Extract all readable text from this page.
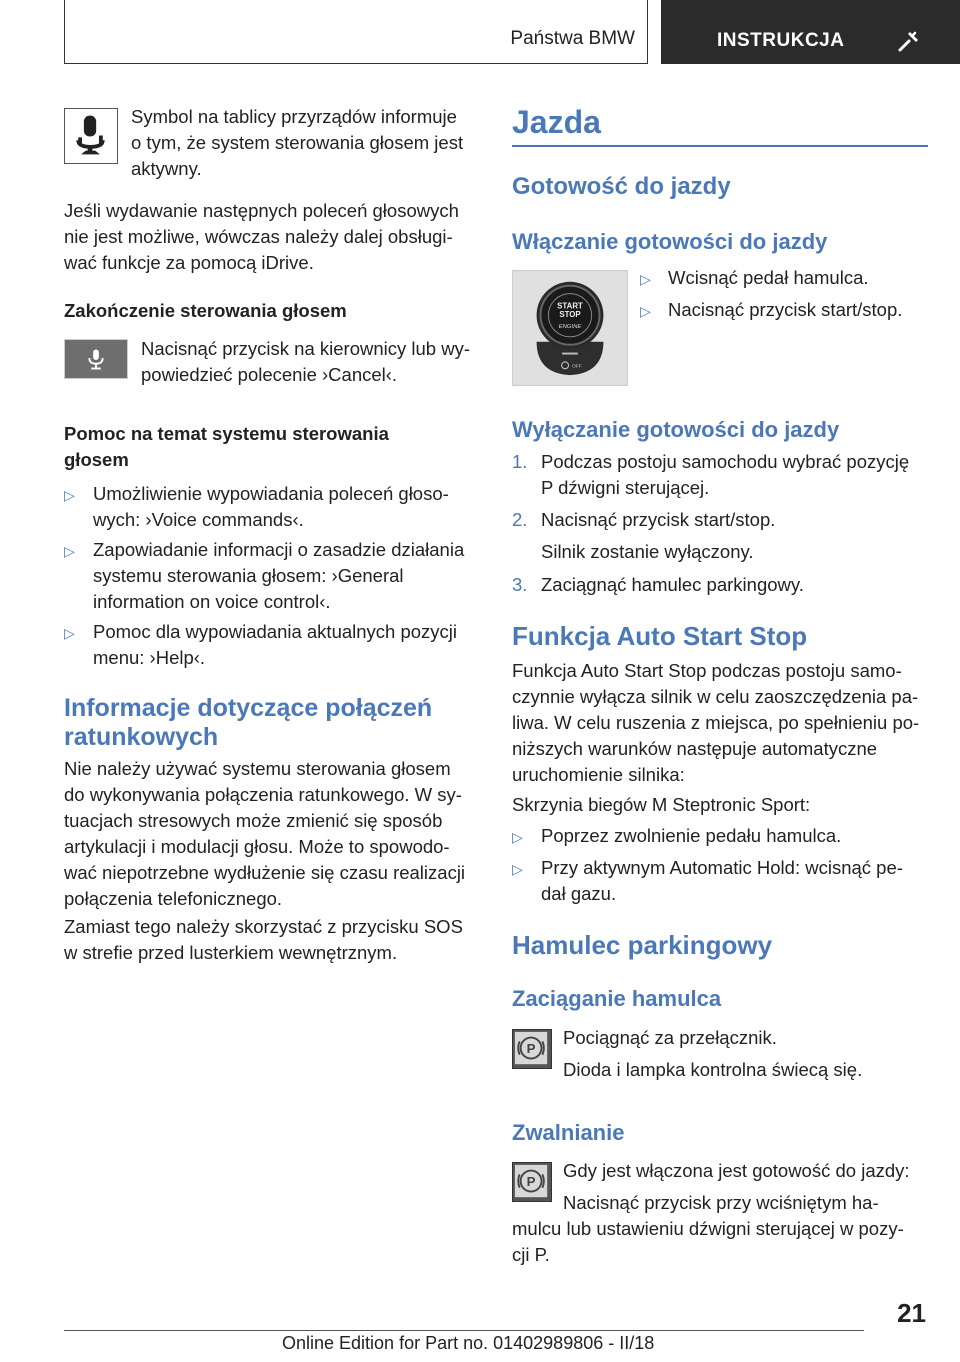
Państwa BMW	INSTRUKCJA

Symbol na tablicy przyrządów informuje

o tym, że system sterowania głosem jest

aktywny.

Jeśli wydawanie następnych poleceń głosowych

nie jest możliwe, wówczas należy dalej obsługi-

wać funkcje za pomocą iDrive.

Zakończenie sterowania głosem

Nacisnąć przycisk na kierownicy lub wy-

powiedzieć polecenie ›Cancel‹.

Pomoc na temat systemu sterowania

głosem

▷ Umożliwienie wypowiadania poleceń głoso-

wych: ›Voice commands‹.

▷ Zapowiadanie informacji o zasadzie działania

systemu sterowania głosem: ›General

information on voice control‹.

▷ Pomoc dla wypowiadania aktualnych pozycji

menu: ›Help‹.

Informacje dotyczące połączeń

ratunkowych

Nie należy używać systemu sterowania głosem

do wykonywania połączenia ratunkowego. W sy-

tuacjach stresowych może zmienić się sposób

artykulacji i modulacji głosu. Może to spowodo-

wać niepotrzebne wydłużenie się czasu realizacji

połączenia telefonicznego.

Zamiast tego należy skorzystać z przycisku SOS

w strefie przed lusterkiem wewnętrznym.

Jazda

Gotowość do jazdy

Włączanie gotowości do jazdy

START
STOP
ENGINE
OFF
▷ Wcisnąć pedał hamulca.

▷ Nacisnąć przycisk start/stop.

Wyłączanie gotowości do jazdy

1. Podczas postoju samochodu wybrać pozycję

P dźwigni sterującej.

2. Nacisnąć przycisk start/stop.

Silnik zostanie wyłączony.

3. Zaciągnąć hamulec parkingowy.

Funkcja Auto Start Stop

Funkcja Auto Start Stop podczas postoju samo-

czynnie wyłącza silnik w celu zaoszczędzenia pa-

liwa. W celu ruszenia z miejsca, po spełnieniu po-

niższych warunków następuje automatyczne

uruchomienie silnika:

Skrzynia biegów M Steptronic Sport:

▷ Poprzez zwolnienie pedału hamulca.

▷ Przy aktywnym Automatic Hold: wcisnąć pe-

dał gazu.

Hamulec parkingowy

Zaciąganie hamulca

P

Pociągnąć za przełącznik.

Dioda i lampka kontrolna świecą się.

Zwalnianie

P

Gdy jest włączona jest gotowość do jazdy:

Nacisnąć przycisk przy wciśniętym ha-

mulcu lub ustawieniu dźwigni sterującej w pozy-

cji P.

21
Online Edition for Part no. 01402989806 - II/18
